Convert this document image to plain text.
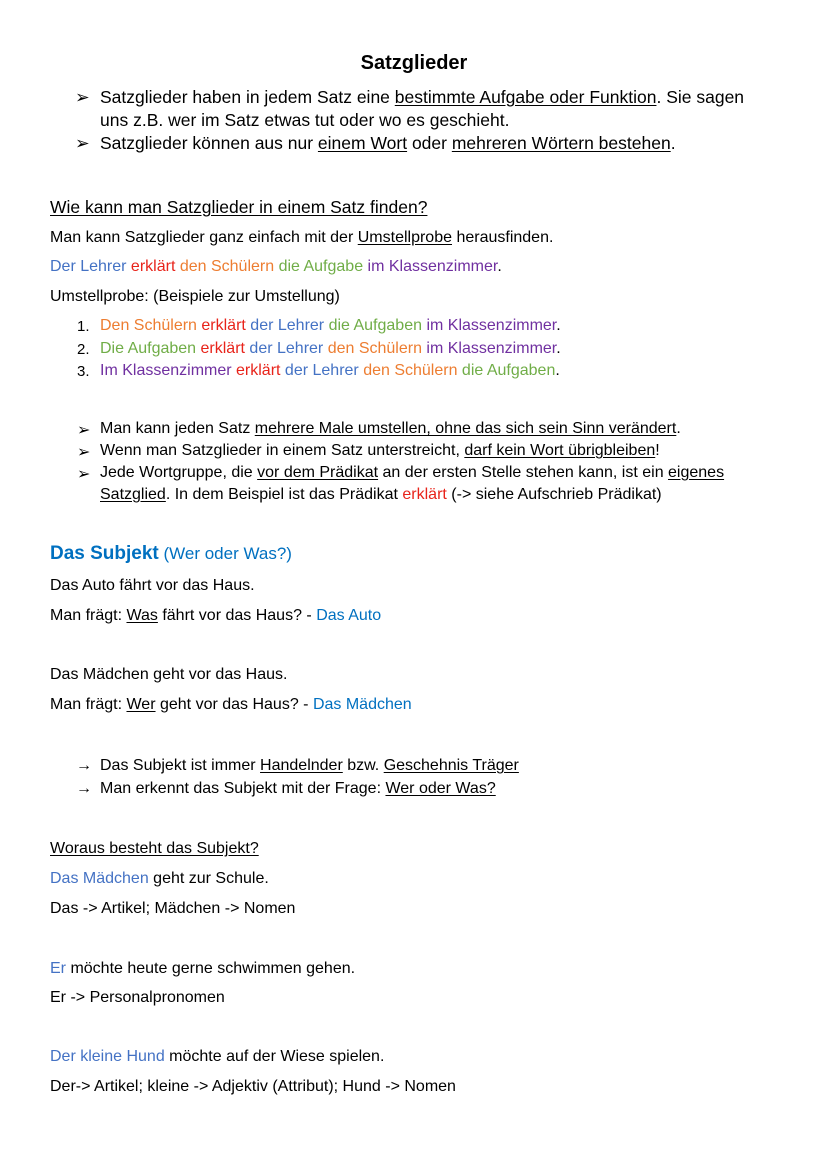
Satzglieder
➢ Satzglieder haben in jedem Satz eine bestimmte Aufgabe oder Funktion. Sie sagen
uns z.B. wer im Satz etwas tut oder wo es geschieht.
➢ Satzglieder können aus nur einem Wort oder mehreren Wörtern bestehen.
Wie kann man Satzglieder in einem Satz finden?
Man kann Satzglieder ganz einfach mit der Umstellprobe herausfinden.
Der Lehrer erklärt den Schülern die Aufgabe im Klassenzimmer.
Umstellprobe: (Beispiele zur Umstellung)
1. Den Schülern erklärt der Lehrer die Aufgaben im Klassenzimmer.
2. Die Aufgaben erklärt der Lehrer den Schülern im Klassenzimmer.
3. Im Klassenzimmer erklärt der Lehrer den Schülern die Aufgaben.
➢ Man kann jeden Satz mehrere Male umstellen, ohne das sich sein Sinn verändert.
➢ Wenn man Satzglieder in einem Satz unterstreicht, darf kein Wort übrigbleiben!
➢ Jede Wortgruppe, die vor dem Prädikat an der ersten Stelle stehen kann, ist ein eigenes
Satzglied. In dem Beispiel ist das Prädikat erklärt (-> siehe Aufschrieb Prädikat)
Das Subjekt (Wer oder Was?)
Das Auto fährt vor das Haus.
Man frägt: Was fährt vor das Haus? - Das Auto
Das Mädchen geht vor das Haus.
Man frägt: Wer geht vor das Haus? - Das Mädchen
→ Das Subjekt ist immer Handelnder bzw. Geschehnis Träger
→ Man erkennt das Subjekt mit der Frage: Wer oder Was?
Woraus besteht das Subjekt?
Das Mädchen geht zur Schule.
Das -> Artikel; Mädchen -> Nomen
Er möchte heute gerne schwimmen gehen.
Er -> Personalpronomen
Der kleine Hund möchte auf der Wiese spielen.
Der-> Artikel; kleine -> Adjektiv (Attribut); Hund -> Nomen
